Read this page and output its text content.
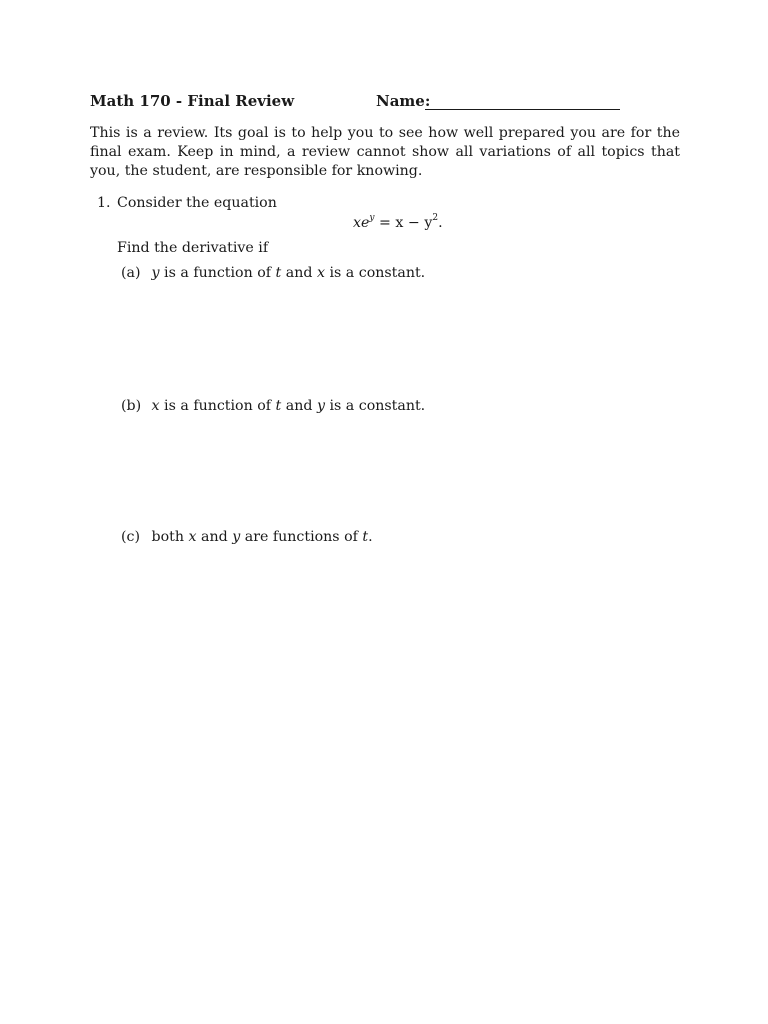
Math 170 - Final Review	Name:
This is a review. Its goal is to help you to see how well prepared you are for the final exam. Keep in mind, a review cannot show all variations of all topics that you, the student, are responsible for knowing.
1. Consider the equation
$xe^y = x - y^2$.
Find the derivative if
(a) y is a function of t and x is a constant.
(b) x is a function of t and y is a constant.
(c) both x and y are functions of t.
